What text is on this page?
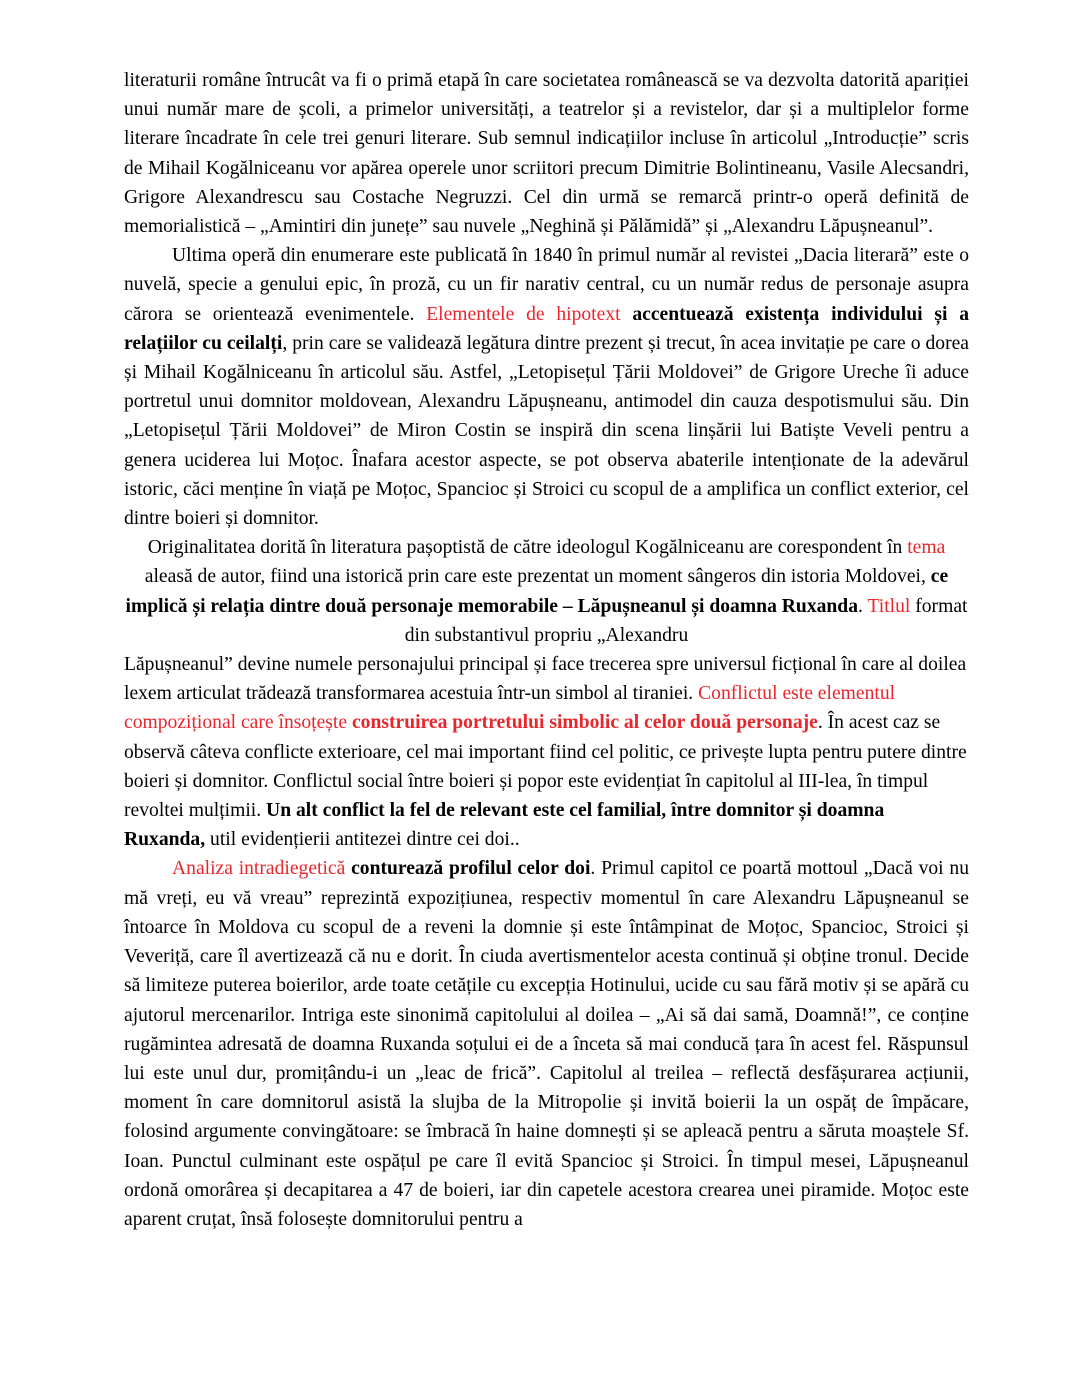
literaturii române întrucât va fi o primă etapă în care societatea românească se va dezvolta datorită apariției unui număr mare de școli, a primelor universități, a teatrelor și a revistelor, dar și a multiplelor forme literare încadrate în cele trei genuri literare. Sub semnul indicațiilor incluse în articolul „Introducție” scris de Mihail Kogălniceanu vor apărea operele unor scriitori precum Dimitrie Bolintineanu, Vasile Alecsandri, Grigore Alexandrescu sau Costache Negruzzi. Cel din urmă se remarcă printr-o operă definită de memorialistică – „Amintiri din junețe” sau nuvele „Neghină și Pălămidă” și „Alexandru Lăpușneanul”.

Ultima operă din enumerare este publicată în 1840 în primul număr al revistei „Dacia literară” este o nuvelă, specie a genului epic, în proză, cu un fir narativ central, cu un număr redus de personaje asupra cărora se orientează evenimentele. Elementele de hipotext accentuează existența individului și a relațiilor cu ceilalți, prin care se validează legătura dintre prezent și trecut, în acea invitație pe care o dorea și Mihail Kogălniceanu în articolul său. Astfel, „Letopisețul Țării Moldovei” de Grigore Ureche îi aduce portretul unui domnitor moldovean, Alexandru Lăpușneanu, antimodel din cauza despotismului său. Din „Letopisețul Țării Moldovei” de Miron Costin se inspiră din scena linșării lui Batiște Veveli pentru a genera uciderea lui Moțoc. Înafara acestor aspecte, se pot observa abaterile intenționate de la adevărul istoric, căci menține în viață pe Moțoc, Spancioc și Stroici cu scopul de a amplifica un conflict exterior, cel dintre boieri și domnitor.

Originalitatea dorită în literatura pașoptistă de către ideologul Kogălniceanu are corespondent în tema aleasă de autor, fiind una istorică prin care este prezentat un moment sângeros din istoria Moldovei, ce implică și relația dintre două personaje memorabile – Lăpușneanul și doamna Ruxanda. Titlul format din substantivul propriu „Alexandru

Lăpușneanul” devine numele personajului principal și face trecerea spre universul ficțional în care al doilea lexem articulat trădează transformarea acestuia într-un simbol al tiraniei. Conflictul este elementul compozițional care însoțește construirea portretului simbolic al celor două personaje. În acest caz se observă câteva conflicte exterioare, cel mai important fiind cel politic, ce privește lupta pentru putere dintre boieri și domnitor. Conflictul social între boieri și popor este evidențiat în capitolul al III-lea, în timpul revoltei mulțimii. Un alt conflict la fel de relevant este cel familial, între domnitor și doamna Ruxanda, util evidențierii antitezei dintre cei doi..

Analiza intradiegetică conturează profilul celor doi. Primul capitol ce poartă mottoul „Dacă voi nu mă vreți, eu vă vreau” reprezintă expozițiunea, respectiv momentul în care Alexandru Lăpușneanul se întoarce în Moldova cu scopul de a reveni la domnie și este întâmpinat de Moțoc, Spancioc, Stroici și Veveriță, care îl avertizează că nu e dorit. În ciuda avertismentelor acesta continuă și obține tronul. Decide să limiteze puterea boierilor, arde toate cetățile cu excepția Hotinului, ucide cu sau fără motiv și se apără cu ajutorul mercenarilor. Intriga este sinonimă capitolului al doilea – „Ai să dai samă, Doamnă!”, ce conține rugămintea adresată de doamna Ruxanda soțului ei de a înceta să mai conducă țara în acest fel. Răspunsul lui este unul dur, promițându-i un „leac de frică”. Capitolul al treilea – reflectă desfășurarea acțiunii, moment în care domnitorul asistă la slujba de la Mitropolie și invită boierii la un ospăț de împăcare, folosind argumente convingătoare: se îmbracă în haine domnești și se apleacă pentru a săruta moaștele Sf. Ioan. Punctul culminant este ospățul pe care îl evită Spancioc și Stroici. În timpul mesei, Lăpușneanul ordonă omorârea și decapitarea a 47 de boieri, iar din capetele acestora crearea unei piramide. Moțoc este aparent cruțat, însă folosește domnitorului pentru a
